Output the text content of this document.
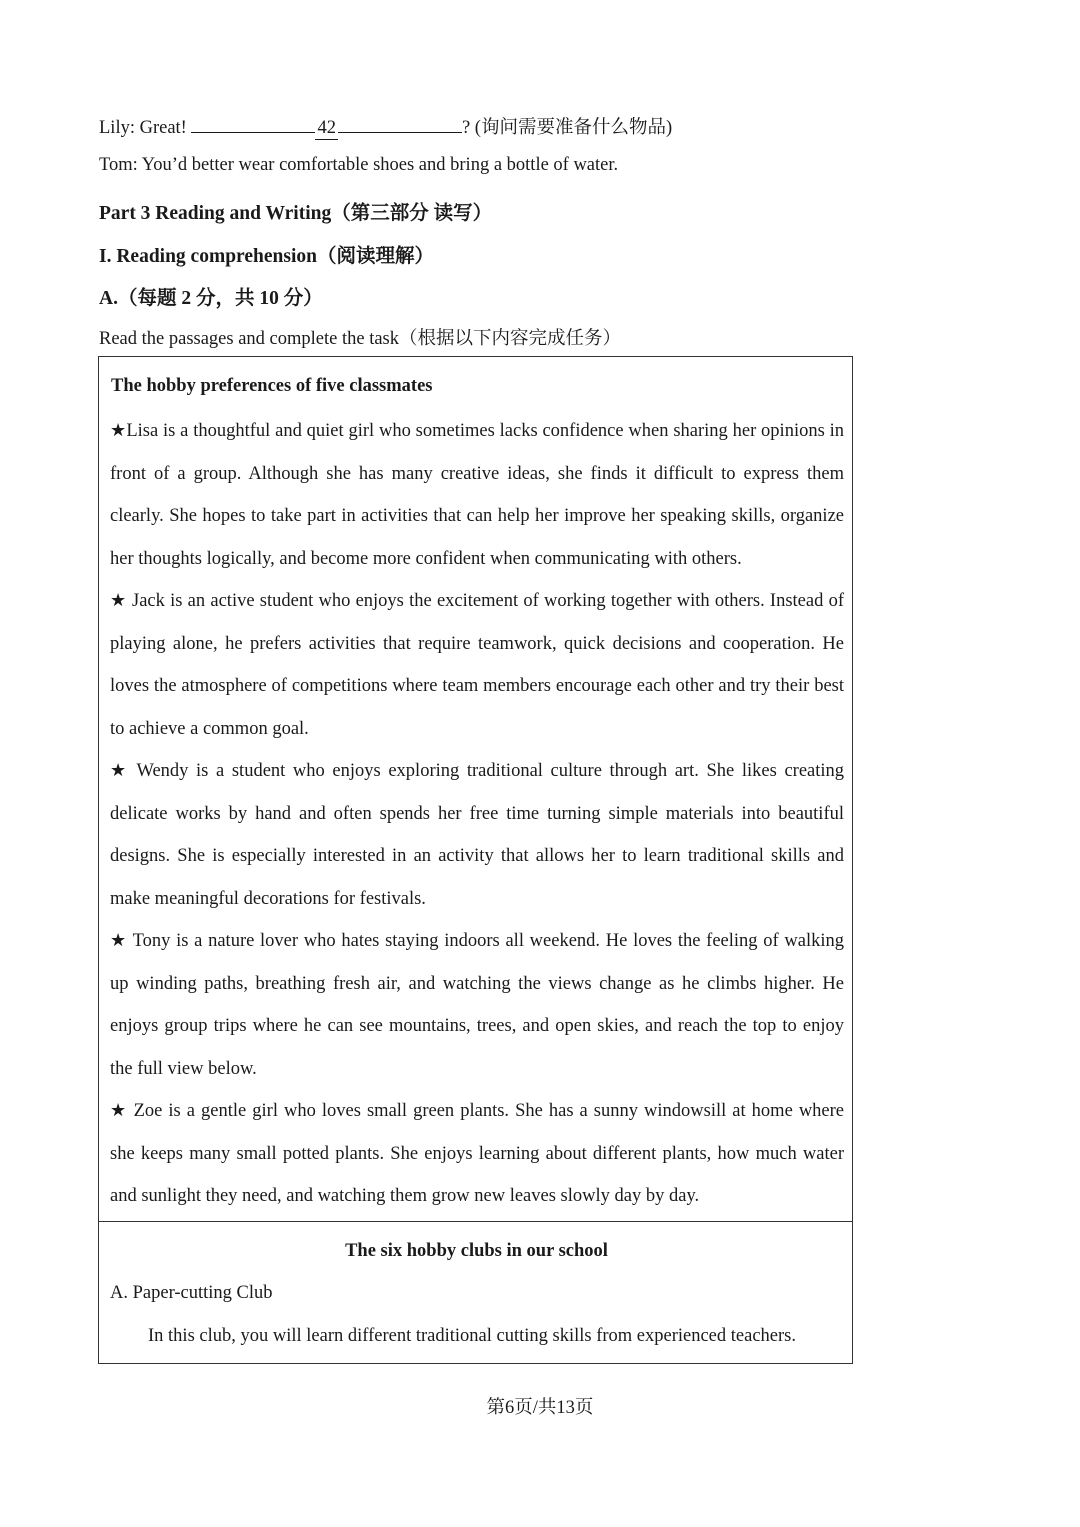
Lily: Great!	42	? (询问需要准备什么物品)
Tom: You’d better wear comfortable shoes and bring a bottle of water.
Part 3 Reading and Writing（第三部分 读写）
I. Reading comprehension（阅读理解）
A.（每题 2 分，共 10 分）
Read the passages and complete the task（根据以下内容完成任务）
The hobby preferences of five classmates
★Lisa is a thoughtful and quiet girl who sometimes lacks confidence when sharing her opinions in front of a group. Although she has many creative ideas, she finds it difficult to express them clearly. She hopes to take part in activities that can help her improve her speaking skills, organize her thoughts logically, and become more confident when communicating with others.
★ Jack is an active student who enjoys the excitement of working together with others. Instead of playing alone, he prefers activities that require teamwork, quick decisions and cooperation. He loves the atmosphere of competitions where team members encourage each other and try their best to achieve a common goal.
★ Wendy is a student who enjoys exploring traditional culture through art. She likes creating delicate works by hand and often spends her free time turning simple materials into beautiful designs. She is especially interested in an activity that allows her to learn traditional skills and make meaningful decorations for festivals.
★ Tony is a nature lover who hates staying indoors all weekend. He loves the feeling of walking up winding paths, breathing fresh air, and watching the views change as he climbs higher. He enjoys group trips where he can see mountains, trees, and open skies, and reach the top to enjoy the full view below.
★ Zoe is a gentle girl who loves small green plants. She has a sunny windowsill at home where she keeps many small potted plants. She enjoys learning about different plants, how much water and sunlight they need, and watching them grow new leaves slowly day by day.
The six hobby clubs in our school
A. Paper-cutting Club
In this club, you will learn different traditional cutting skills from experienced teachers.
第6页/共13页
